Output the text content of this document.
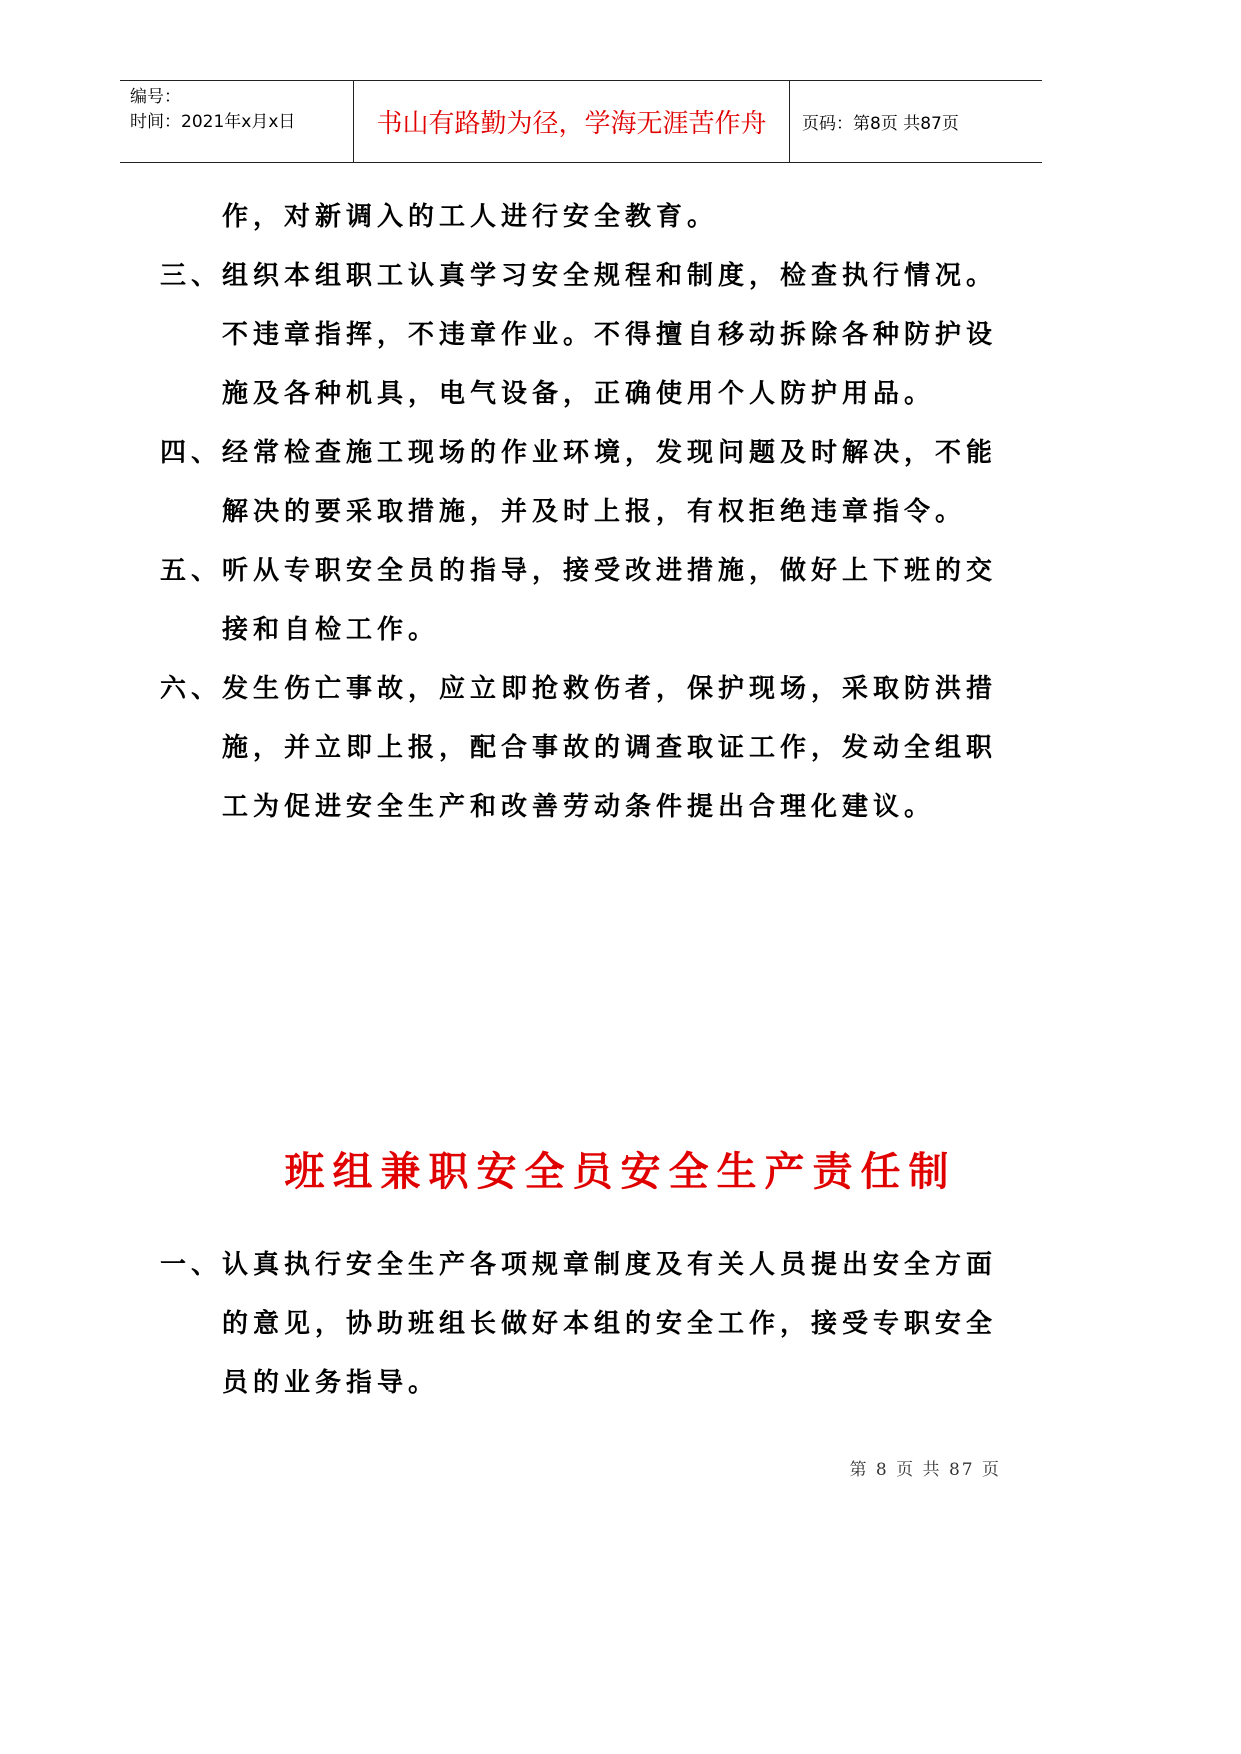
编号：
时间：2021年x月x日	书山有路勤为径，学海无涯苦作舟	页码：第8页 共87页
作，对新调入的工人进行安全教育。
三、 组织本组职工认真学习安全规程和制度，检查执行情况。不违章指挥，不违章作业。不得擅自移动拆除各种防护设施及各种机具，电气设备，正确使用个人防护用品。
四、 经常检查施工现场的作业环境，发现问题及时解决，不能解决的要采取措施，并及时上报，有权拒绝违章指令。
五、 听从专职安全员的指导，接受改进措施，做好上下班的交接和自检工作。
六、 发生伤亡事故，应立即抢救伤者，保护现场，采取防洪措施，并立即上报，配合事故的调查取证工作，发动全组职工为促进安全生产和改善劳动条件提出合理化建议。
班组兼职安全员安全生产责任制
一、 认真执行安全生产各项规章制度及有关人员提出安全方面的意见，协助班组长做好本组的安全工作，接受专职安全员的业务指导。
第 8 页 共 87 页
